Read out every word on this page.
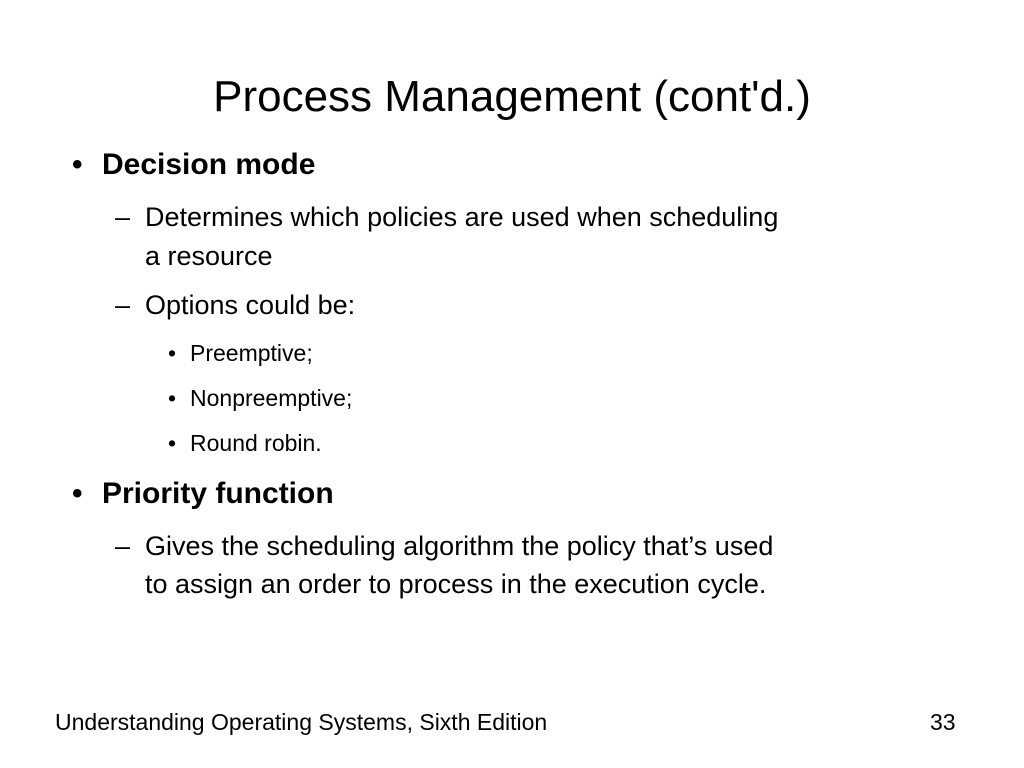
Process Management (cont'd.)
• Decision mode
– Determines which policies are used when scheduling
a resource
– Options could be:
• Preemptive;
• Nonpreemptive;
• Round robin.
• Priority function
– Gives the scheduling algorithm the policy that’s used
to assign an order to process in the execution cycle.
Understanding Operating Systems, Sixth Edition	33
